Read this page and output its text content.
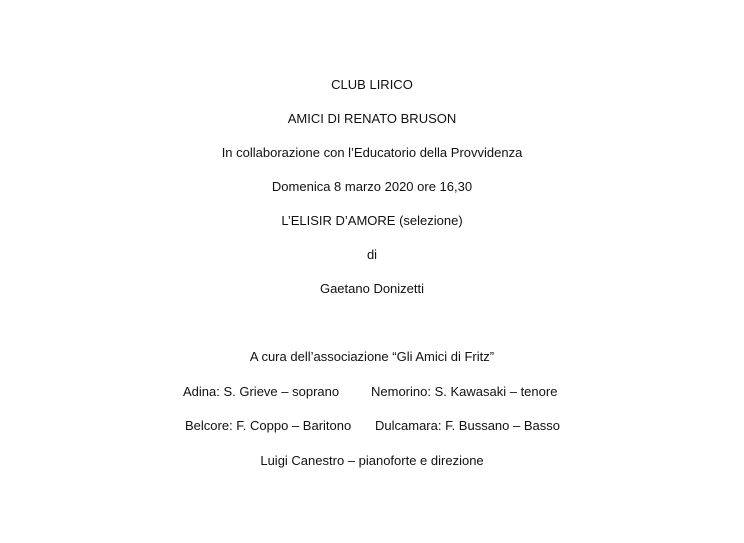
CLUB LIRICO
AMICI DI RENATO BRUSON
In collaborazione con l’Educatorio della Provvidenza
Domenica 8 marzo 2020 ore 16,30
L’ELISIR D’AMORE (selezione)
di
Gaetano Donizetti
A cura dell’associazione “Gli Amici di Fritz”
Adina: S. Grieve – soprano Nemorino: S. Kawasaki – tenore
Belcore: F. Coppo – Baritono Dulcamara: F. Bussano – Basso
Luigi Canestro – pianoforte e direzione
